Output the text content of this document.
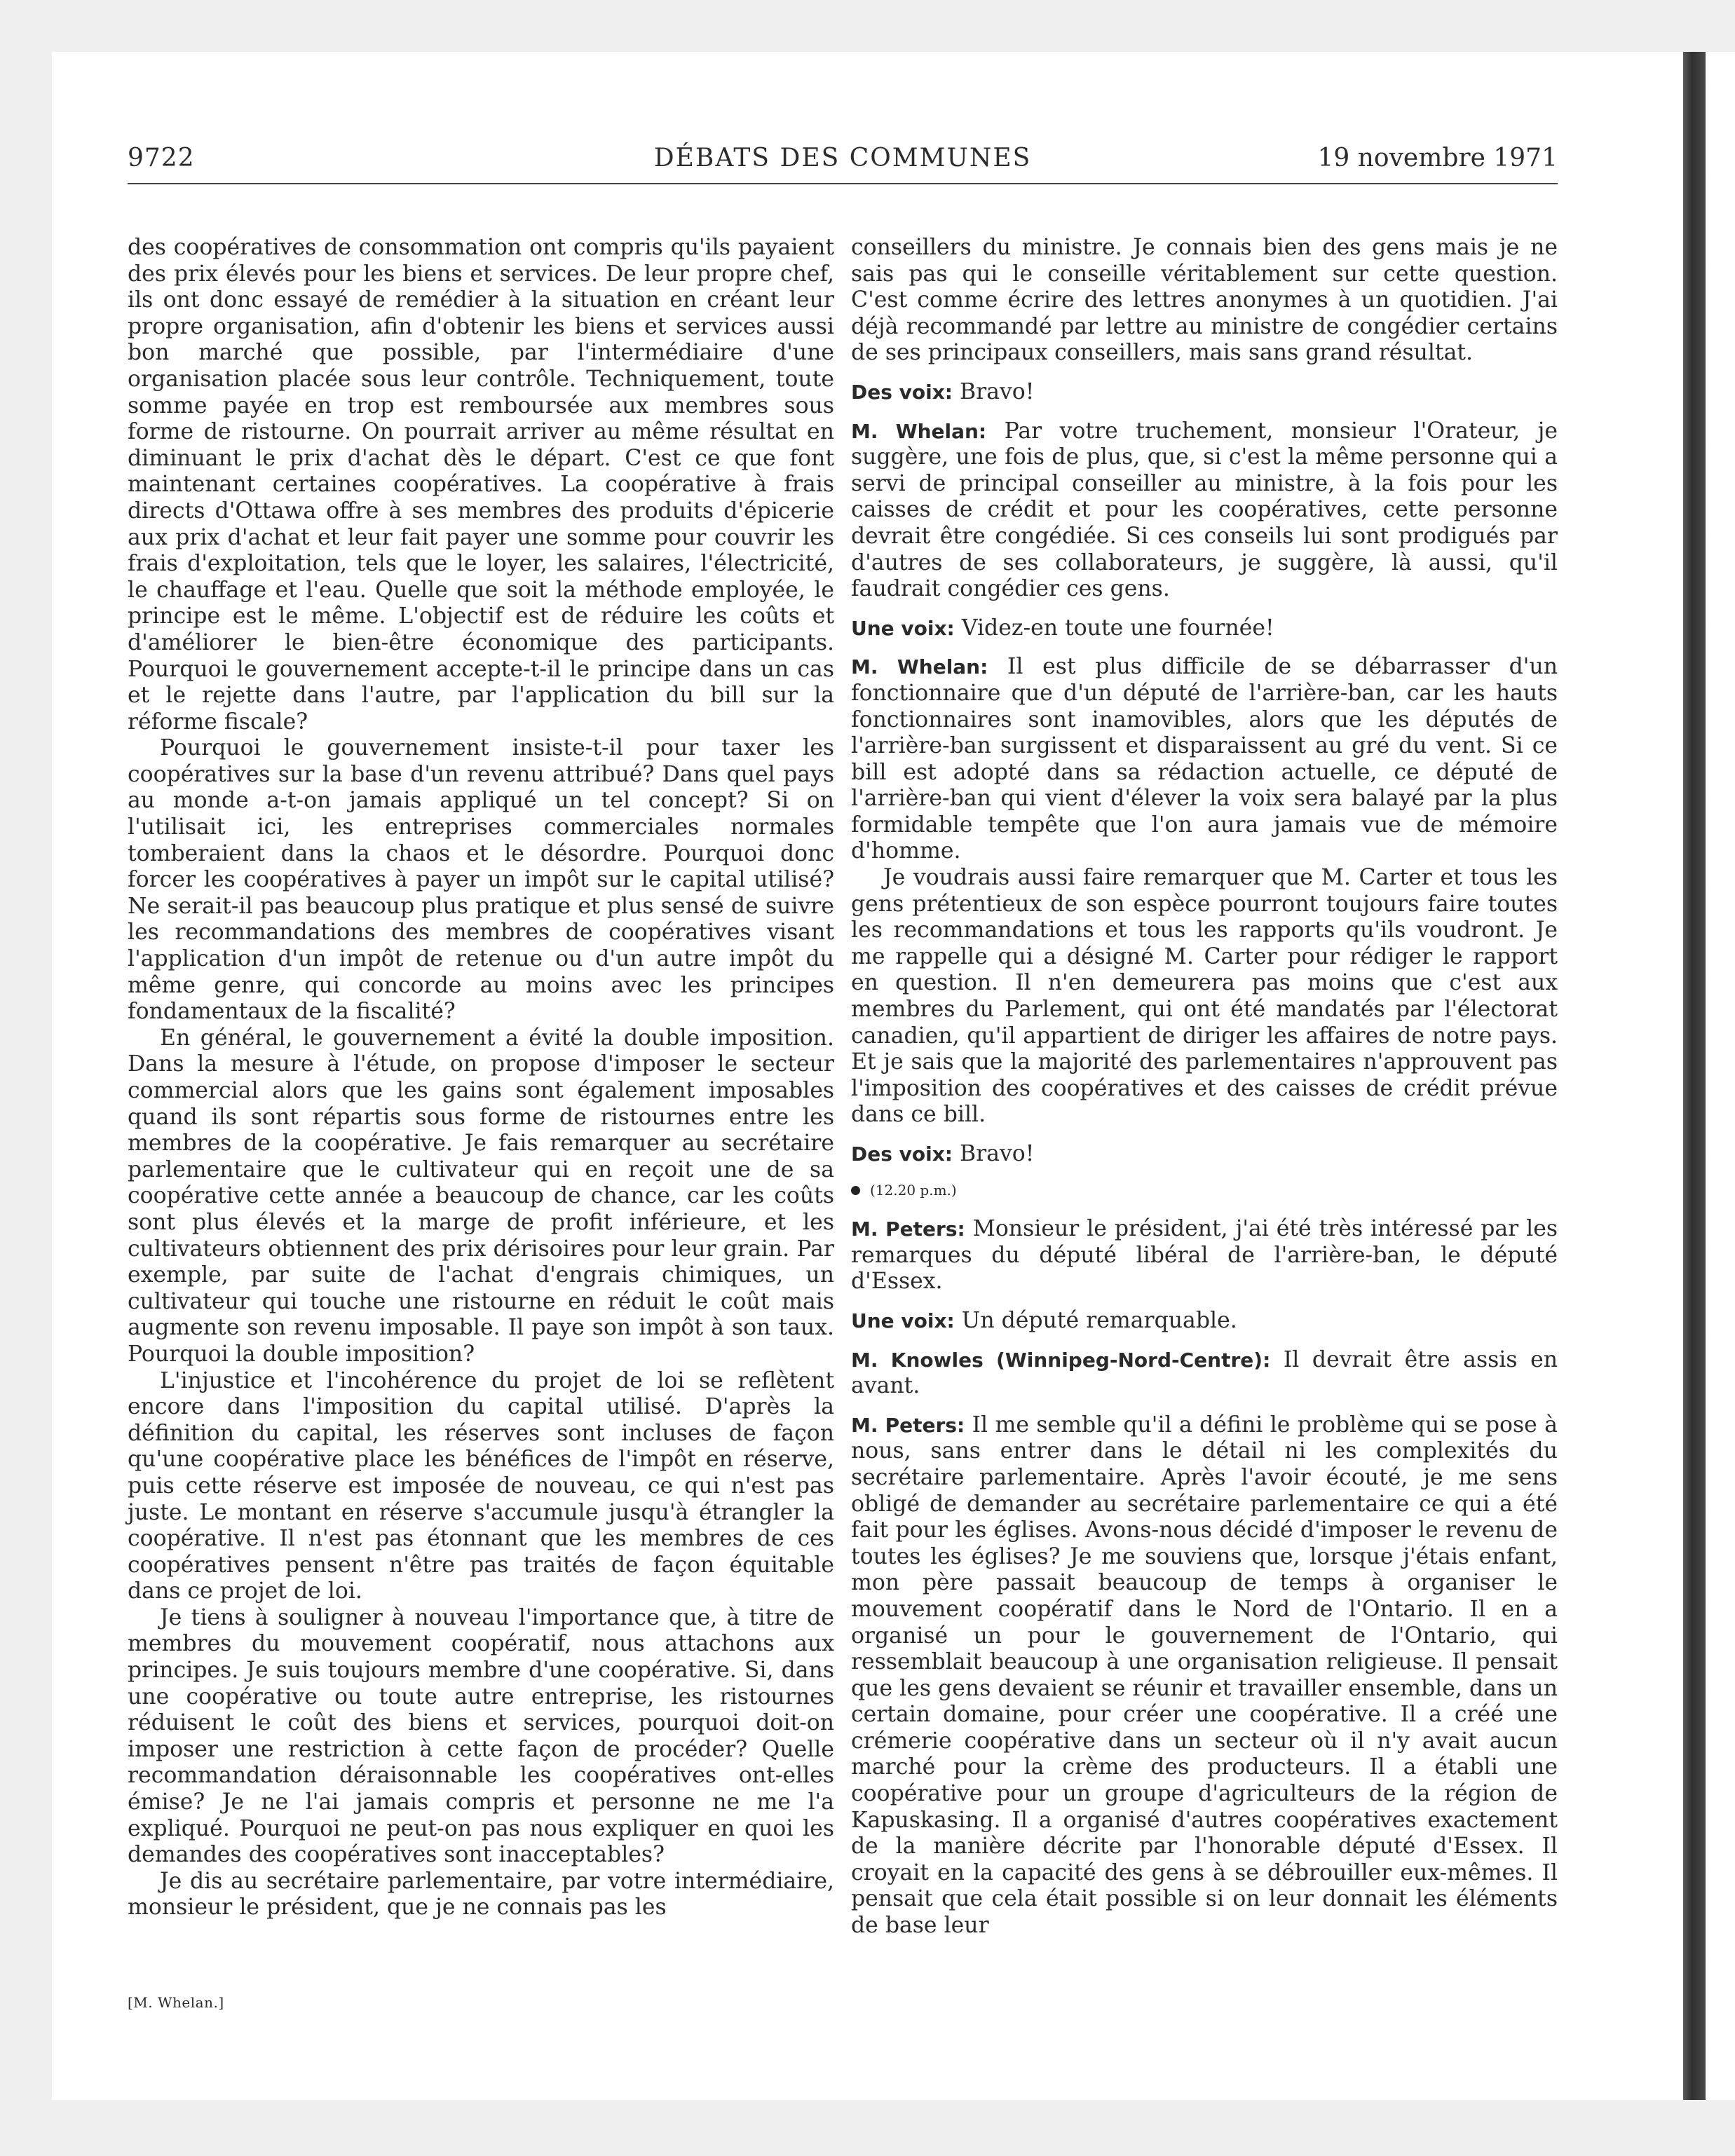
9722	DÉBATS DES COMMUNES	19 novembre 1971

des coopératives de consommation ont compris qu'ils payaient des prix élevés pour les biens et services. De leur propre chef, ils ont donc essayé de remédier à la situation en créant leur propre organisation, afin d'obtenir les biens et services aussi bon marché que possible, par l'intermédiaire d'une organisation placée sous leur contrôle. Techniquement, toute somme payée en trop est remboursée aux membres sous forme de ristourne. On pourrait arriver au même résultat en diminuant le prix d'achat dès le départ. C'est ce que font maintenant certaines coopératives. La coopérative à frais directs d'Ottawa offre à ses membres des produits d'épicerie aux prix d'achat et leur fait payer une somme pour couvrir les frais d'exploitation, tels que le loyer, les salaires, l'électricité, le chauffage et l'eau. Quelle que soit la méthode employée, le principe est le même. L'objectif est de réduire les coûts et d'améliorer le bien-être économique des participants. Pourquoi le gouvernement accepte-t-il le principe dans un cas et le rejette dans l'autre, par l'application du bill sur la réforme fiscale?

Pourquoi le gouvernement insiste-t-il pour taxer les coopératives sur la base d'un revenu attribué? Dans quel pays au monde a-t-on jamais appliqué un tel concept? Si on l'utilisait ici, les entreprises commerciales normales tomberaient dans la chaos et le désordre. Pourquoi donc forcer les coopératives à payer un impôt sur le capital utilisé? Ne serait-il pas beaucoup plus pratique et plus sensé de suivre les recommandations des membres de coopératives visant l'application d'un impôt de retenue ou d'un autre impôt du même genre, qui concorde au moins avec les principes fondamentaux de la fiscalité?

En général, le gouvernement a évité la double imposition. Dans la mesure à l'étude, on propose d'imposer le secteur commercial alors que les gains sont également imposables quand ils sont répartis sous forme de ristournes entre les membres de la coopérative. Je fais remarquer au secrétaire parlementaire que le cultivateur qui en reçoit une de sa coopérative cette année a beaucoup de chance, car les coûts sont plus élevés et la marge de profit inférieure, et les cultivateurs obtiennent des prix dérisoires pour leur grain. Par exemple, par suite de l'achat d'engrais chimiques, un cultivateur qui touche une ristourne en réduit le coût mais augmente son revenu imposable. Il paye son impôt à son taux. Pourquoi la double imposition?

L'injustice et l'incohérence du projet de loi se reflètent encore dans l'imposition du capital utilisé. D'après la définition du capital, les réserves sont incluses de façon qu'une coopérative place les bénéfices de l'impôt en réserve, puis cette réserve est imposée de nouveau, ce qui n'est pas juste. Le montant en réserve s'accumule jusqu'à étrangler la coopérative. Il n'est pas étonnant que les membres de ces coopératives pensent n'être pas traités de façon équitable dans ce projet de loi.

Je tiens à souligner à nouveau l'importance que, à titre de membres du mouvement coopératif, nous attachons aux principes. Je suis toujours membre d'une coopérative. Si, dans une coopérative ou toute autre entreprise, les ristournes réduisent le coût des biens et services, pourquoi doit-on imposer une restriction à cette façon de procéder? Quelle recommandation déraisonnable les coopératives ont-elles émise? Je ne l'ai jamais compris et personne ne me l'a expliqué. Pourquoi ne peut-on pas nous expliquer en quoi les demandes des coopératives sont inacceptables?

Je dis au secrétaire parlementaire, par votre intermédiaire, monsieur le président, que je ne connais pas les

[M. Whelan.]

conseillers du ministre. Je connais bien des gens mais je ne sais pas qui le conseille véritablement sur cette question. C'est comme écrire des lettres anonymes à un quotidien. J'ai déjà recommandé par lettre au ministre de congédier certains de ses principaux conseillers, mais sans grand résultat.

Des voix: Bravo!

M. Whelan: Par votre truchement, monsieur l'Orateur, je suggère, une fois de plus, que, si c'est la même personne qui a servi de principal conseiller au ministre, à la fois pour les caisses de crédit et pour les coopératives, cette personne devrait être congédiée. Si ces conseils lui sont prodigués par d'autres de ses collaborateurs, je suggère, là aussi, qu'il faudrait congédier ces gens.

Une voix: Videz-en toute une fournée!

M. Whelan: Il est plus difficile de se débarrasser d'un fonctionnaire que d'un député de l'arrière-ban, car les hauts fonctionnaires sont inamovibles, alors que les députés de l'arrière-ban surgissent et disparaissent au gré du vent. Si ce bill est adopté dans sa rédaction actuelle, ce député de l'arrière-ban qui vient d'élever la voix sera balayé par la plus formidable tempête que l'on aura jamais vue de mémoire d'homme.

Je voudrais aussi faire remarquer que M. Carter et tous les gens prétentieux de son espèce pourront toujours faire toutes les recommandations et tous les rapports qu'ils voudront. Je me rappelle qui a désigné M. Carter pour rédiger le rapport en question. Il n'en demeurera pas moins que c'est aux membres du Parlement, qui ont été mandatés par l'électorat canadien, qu'il appartient de diriger les affaires de notre pays. Et je sais que la majorité des parlementaires n'approuvent pas l'imposition des coopératives et des caisses de crédit prévue dans ce bill.

Des voix: Bravo!

(12.20 p.m.)

M. Peters: Monsieur le président, j'ai été très intéressé par les remarques du député libéral de l'arrière-ban, le député d'Essex.

Une voix: Un député remarquable.

M. Knowles (Winnipeg-Nord-Centre): Il devrait être assis en avant.

M. Peters: Il me semble qu'il a défini le problème qui se pose à nous, sans entrer dans le détail ni les complexités du secrétaire parlementaire. Après l'avoir écouté, je me sens obligé de demander au secrétaire parlementaire ce qui a été fait pour les églises. Avons-nous décidé d'imposer le revenu de toutes les églises? Je me souviens que, lorsque j'étais enfant, mon père passait beaucoup de temps à organiser le mouvement coopératif dans le Nord de l'Ontario. Il en a organisé un pour le gouvernement de l'Ontario, qui ressemblait beaucoup à une organisation religieuse. Il pensait que les gens devaient se réunir et travailler ensemble, dans un certain domaine, pour créer une coopérative. Il a créé une crémerie coopérative dans un secteur où il n'y avait aucun marché pour la crème des producteurs. Il a établi une coopérative pour un groupe d'agriculteurs de la région de Kapuskasing. Il a organisé d'autres coopératives exactement de la manière décrite par l'honorable député d'Essex. Il croyait en la capacité des gens à se débrouiller eux-mêmes. Il pensait que cela était possible si on leur donnait les éléments de base leur
